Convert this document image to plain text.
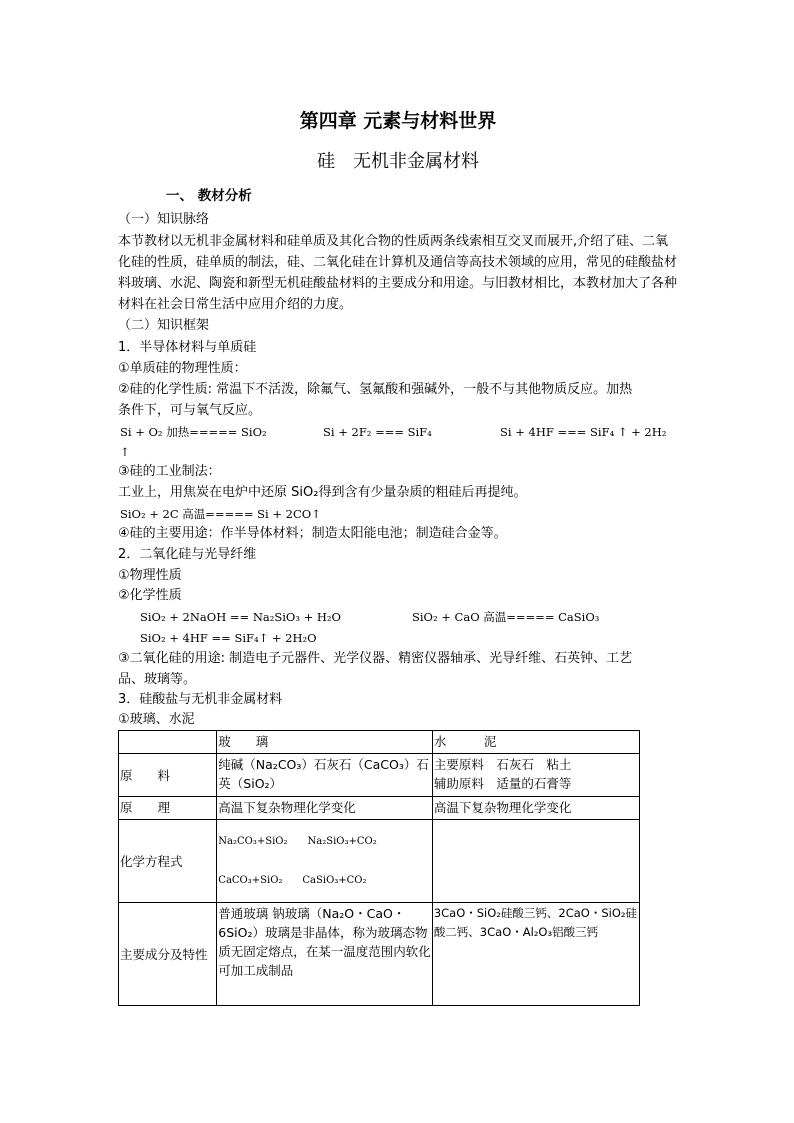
第四章 元素与材料世界
硅　无机非金属材料
一、 教材分析
（一）知识脉络
本节教材以无机非金属材料和硅单质及其化合物的性质两条线索相互交叉而展开,介绍了硅、二氧化硅的性质，硅单质的制法，硅、二氧化硅在计算机及通信等高技术领域的应用，常见的硅酸盐材料玻璃、水泥、陶瓷和新型无机硅酸盐材料的主要成分和用途。与旧教材相比，本教材加大了各种材料在社会日常生活中应用介绍的力度。
（二）知识框架
1．半导体材料与单质硅
①单质硅的物理性质：
②硅的化学性质: 常温下不活泼，除氟气、氢氟酸和强碱外，一般不与其他物质反应。加热
条件下，可与氧气反应。
Si + O₂ 加热===== SiO₂	Si + 2F₂ === SiF₄	Si + 4HF === SiF₄ ↑ + 2H₂
↑
③硅的工业制法：
工业上，用焦炭在电炉中还原 SiO₂得到含有少量杂质的粗硅后再提纯。
SiO₂ + 2C 高温===== Si + 2CO↑
④硅的主要用途：作半导体材料；制造太阳能电池；制造硅合金等。
2．二氧化硅与光导纤维
①物理性质
②化学性质
SiO₂ + 2NaOH == Na₂SiO₃ + H₂O	SiO₂ + CaO 高温===== CaSiO₃
SiO₂ + 4HF == SiF₄↑ + 2H₂O
③二氧化硅的用途: 制造电子元器件、光学仪器、精密仪器轴承、光导纤维、石英钟、工艺
品、玻璃等。
3．硅酸盐与无机非金属材料
①玻璃、水泥
	玻　　璃	水　　　泥
原　　料	纯碱（Na₂CO₃）石灰石（CaCO₃）石英（SiO₂）	主要原料　石灰石　粘土
辅助原料　适量的石膏等

原　　理	高温下复杂物理化学变化	高温下复杂物理化学变化
化学方程式	Na₂CO₃+SiO₂　　Na₂SiO₃+CO₂
CaCO₃+SiO₂　　CaSiO₃+CO₂	

主要成分及特性	普通玻璃 钠玻璃（Na₂O・CaO・6SiO₂）玻璃是非晶体，称为玻璃态物质无固定熔点，在某一温度范围内软化可加工成制品	3CaO・SiO₂硅酸三钙、2CaO・SiO₂硅酸二钙、3CaO・Al₂O₃铝酸三钙
